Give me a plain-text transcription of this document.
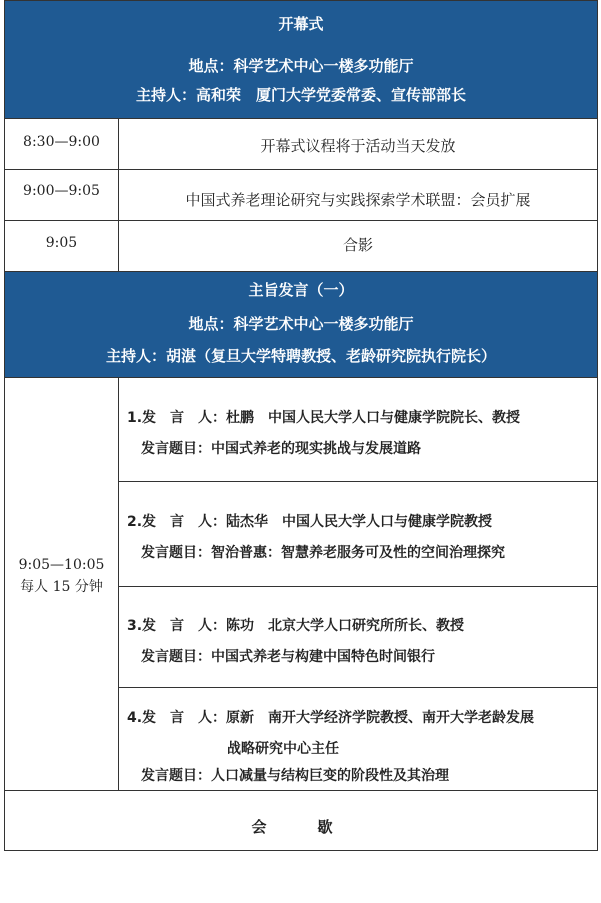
开幕式
地点：科学艺术中心一楼多功能厅
主持人：高和荣　厦门大学党委常委、宣传部部长
8:30—9:00	开幕式议程将于活动当天发放
9:00—9:05	中国式养老理论研究与实践探索学术联盟：会员扩展
9:05	合影
主旨发言（一）
地点：科学艺术中心一楼多功能厅
主持人：胡湛（复旦大学特聘教授、老龄研究院执行院长）
9:05—10:05
每人 15 分钟
1.发　言　人：杜鹏　中国人民大学人口与健康学院院长、教授
发言题目：中国式养老的现实挑战与发展道路
2.发　言　人：陆杰华　中国人民大学人口与健康学院教授
发言题目：智治普惠：智慧养老服务可及性的空间治理探究
3.发　言　人：陈功　北京大学人口研究所所长、教授
发言题目：中国式养老与构建中国特色时间银行
4.发　言　人：原新　南开大学经济学院教授、南开大学老龄发展
战略研究中心主任
发言题目：人口减量与结构巨变的阶段性及其治理
会　歇
